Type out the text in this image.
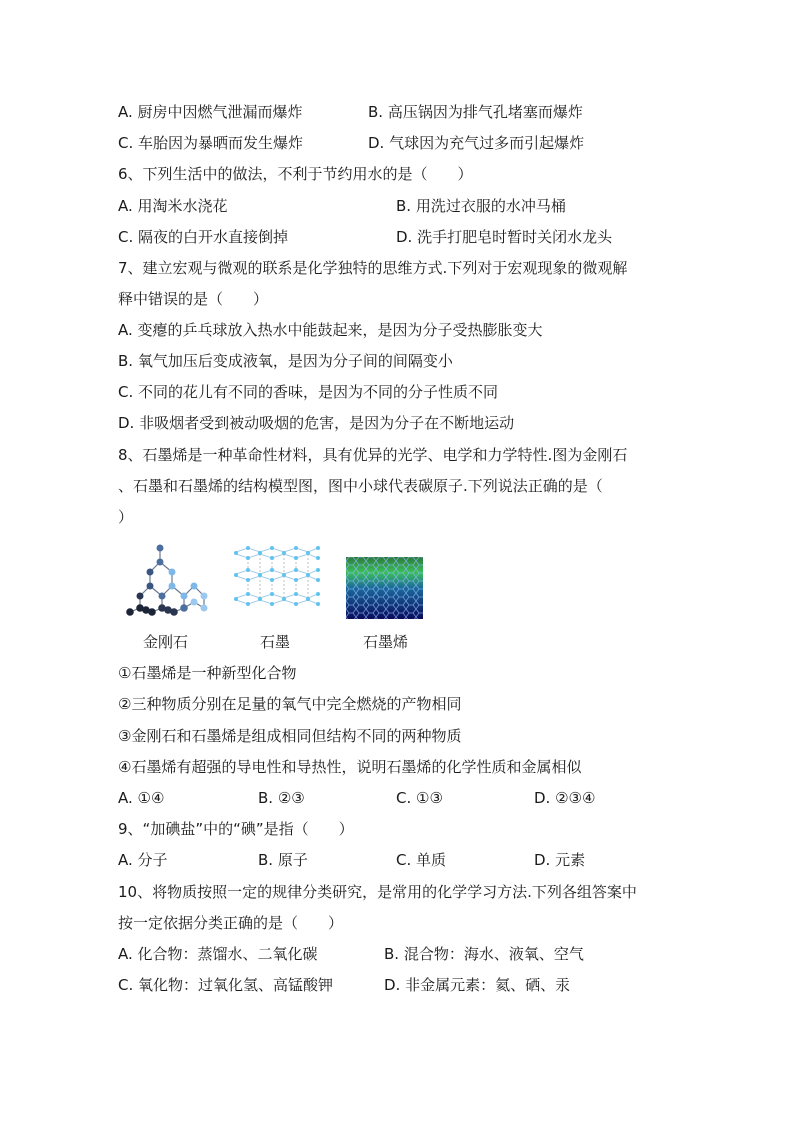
A. 厨房中因燃气泄漏而爆炸	B. 高压锅因为排气孔堵塞而爆炸
C. 车胎因为暴晒而发生爆炸	D. 气球因为充气过多而引起爆炸
6、下列生活中的做法，不利于节约用水的是（　　）
A. 用淘米水浇花	B. 用洗过衣服的水冲马桶
C. 隔夜的白开水直接倒掉	D. 洗手打肥皂时暂时关闭水龙头
7、建立宏观与微观的联系是化学独特的思维方式.下列对于宏观现象的微观解
释中错误的是（　　）
A. 变瘪的乒乓球放入热水中能鼓起来，是因为分子受热膨胀变大
B. 氧气加压后变成液氧，是因为分子间的间隔变小
C. 不同的花儿有不同的香味，是因为不同的分子性质不同
D. 非吸烟者受到被动吸烟的危害，是因为分子在不断地运动
8、石墨烯是一种革命性材料，具有优异的光学、电学和力学特性.图为金刚石
、石墨和石墨烯的结构模型图，图中小球代表碳原子.下列说法正确的是（
）
金刚石	石墨	石墨烯
①石墨烯是一种新型化合物
②三种物质分别在足量的氧气中完全燃烧的产物相同
③金刚石和石墨烯是组成相同但结构不同的两种物质
④石墨烯有超强的导电性和导热性，说明石墨烯的化学性质和金属相似
A. ①④	B. ②③	C. ①③	D. ②③④
9、“加碘盐”中的“碘”是指（　　）
A. 分子	B. 原子	C. 单质	D. 元素
10、将物质按照一定的规律分类研究，是常用的化学学习方法.下列各组答案中
按一定依据分类正确的是（　　）
A. 化合物：蒸馏水、二氧化碳	B. 混合物：海水、液氧、空气
C. 氧化物：过氧化氢、高锰酸钾	D. 非金属元素：氦、硒、汞
